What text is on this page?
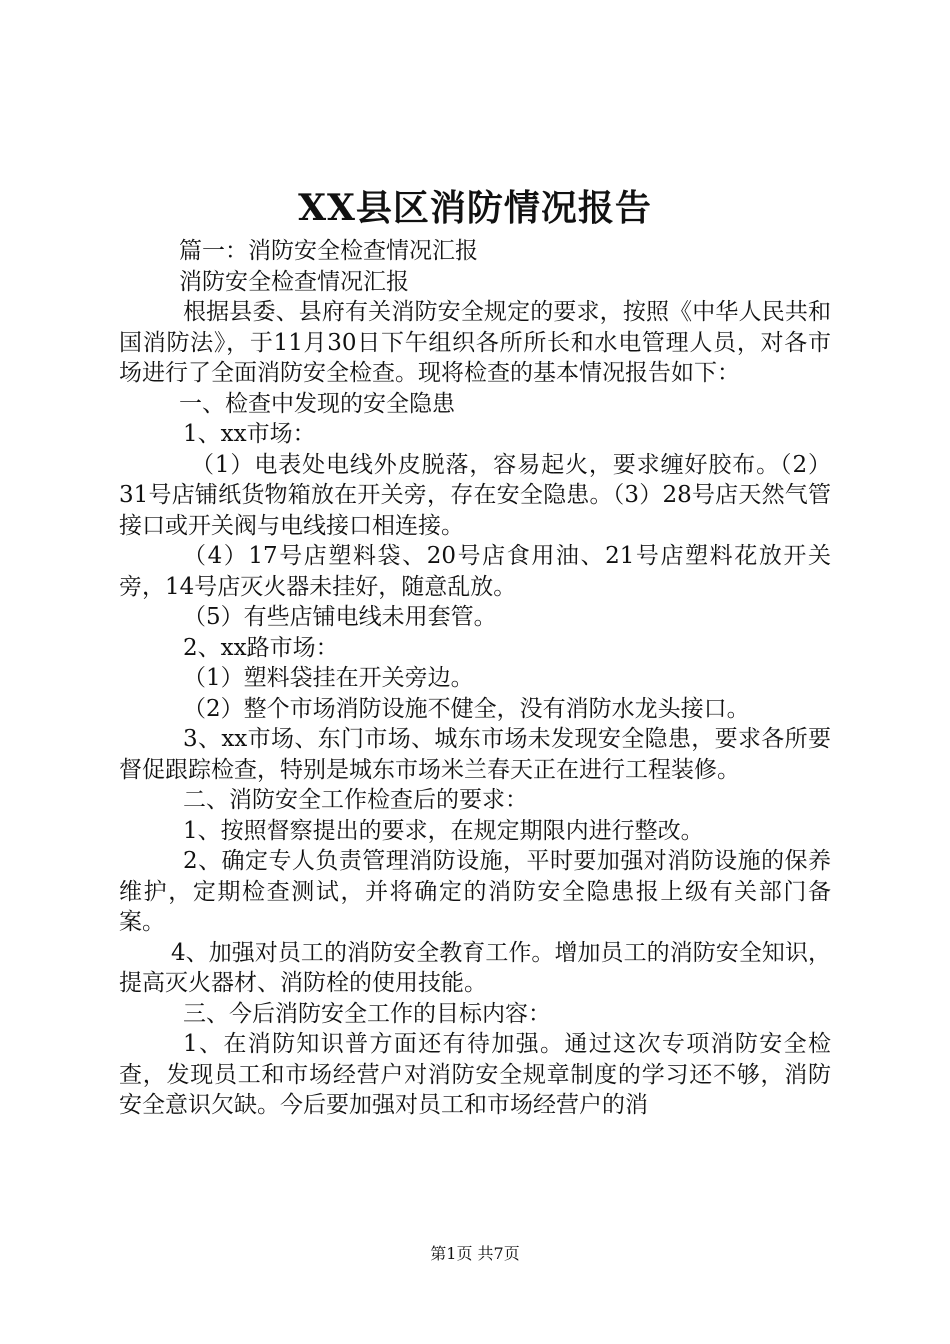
XX县区消防情况报告

篇一：消防安全检查情况汇报

消防安全检查情况汇报

根据县委、县府有关消防安全规定的要求，按照《中华人民共和国消防法》，于11月30日下午组织各所所长和水电管理人员，对各市场进行了全面消防安全检查。现将检查的基本情况报告如下：

一、检查中发现的安全隐患

1、xx市场：

（1）电表处电线外皮脱落，容易起火，要求缠好胶布。（2）31号店铺纸货物箱放在开关旁，存在安全隐患。（3）28号店天然气管接口或开关阀与电线接口相连接。

（4）17号店塑料袋、20号店食用油、21号店塑料花放开关旁，14号店灭火器未挂好，随意乱放。

（5）有些店铺电线未用套管。

2、xx路市场：

（1）塑料袋挂在开关旁边。

（2）整个市场消防设施不健全，没有消防水龙头接口。

3、xx市场、东门市场、城东市场未发现安全隐患，要求各所要督促跟踪检查，特别是城东市场米兰春天正在进行工程装修。

二、消防安全工作检查后的要求：

1、按照督察提出的要求，在规定期限内进行整改。

2、确定专人负责管理消防设施，平时要加强对消防设施的保养维护，定期检查测试，并将确定的消防安全隐患报上级有关部门备案。

4、加强对员工的消防安全教育工作。增加员工的消防安全知识，提高灭火器材、消防栓的使用技能。

三、今后消防安全工作的目标内容：

1、在消防知识普方面还有待加强。通过这次专项消防安全检查，发现员工和市场经营户对消防安全规章制度的学习还不够，消防安全意识欠缺。今后要加强对员工和市场经营户的消

第1页 共7页
